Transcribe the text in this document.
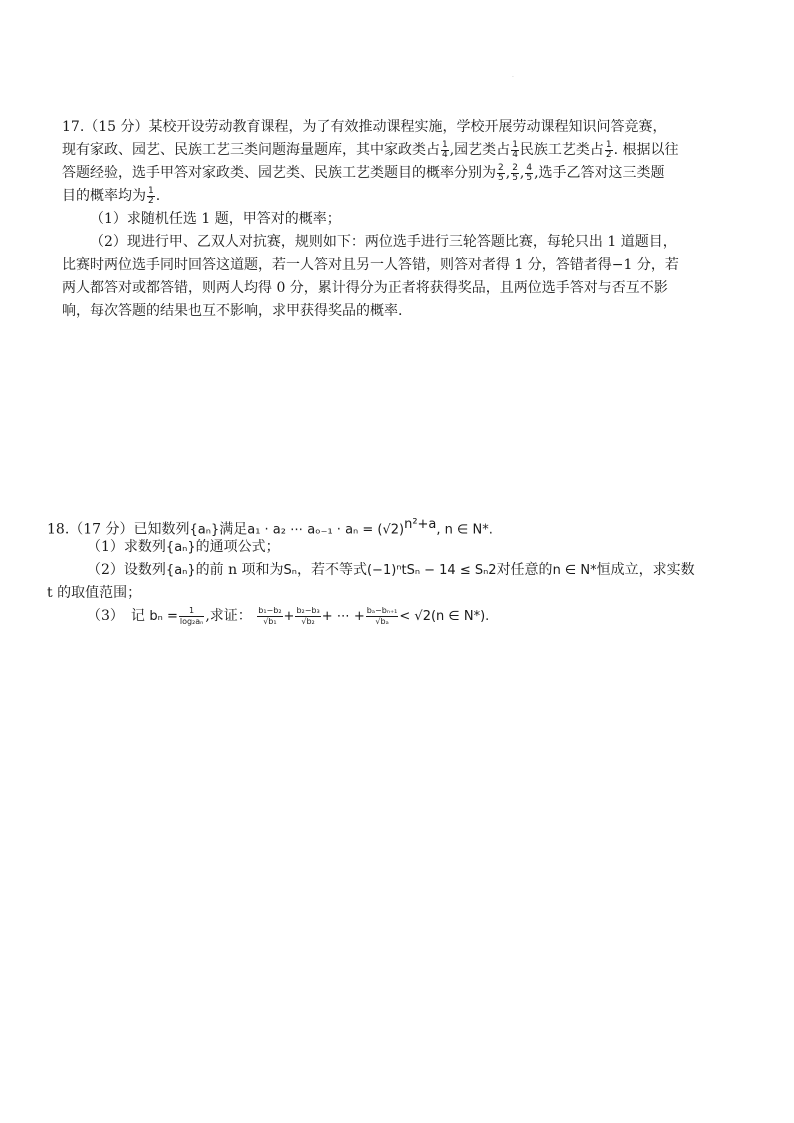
·
17.（15 分）某校开设劳动教育课程，为了有效推动课程实施，学校开展劳动课程知识问答竞赛，
现有家政、园艺、民族工艺三类问题海量题库，其中家政类占 $\frac{1}{4}$ ,园艺类占 $\frac{1}{4}$ 民族工艺类占 $\frac{1}{2}$ . 根据以往
答题经验，选手甲答对家政类、园艺类、民族工艺类题目的概率分别为 $\frac{2}{5}$ , $\frac{2}{5}$ , $\frac{4}{5}$ ,选手乙答对这三类题
目的概率均为 $\frac{1}{2}$ .
（1）求随机任选 1 题，甲答对的概率；
（2）现进行甲、乙双人对抗赛，规则如下：两位选手进行三轮答题比赛，每轮只出 1 道题目，
比赛时两位选手同时回答这道题，若一人答对且另一人答错，则答对者得 1 分，答错者得−1 分，若
两人都答对或都答错，则两人均得 0 分，累计得分为正者将获得奖品，且两位选手答对与否互不影
响，每次答题的结果也互不影响，求甲获得奖品的概率.
18.（17 分）已知数列{aₙ}满足a₁ · a₂ ⋯ $a_{o-1} \cdot a_n = (√2)^{n^2+a}$, n ∈ N*.
（1）求数列{aₙ}的通项公式；
（2）设数列{aₙ}的前 n 项和为Sₙ，若不等式(−1)ⁿtSₙ − 14 ≤ Sₙ2对任意的n ∈ N*恒成立，求实数
t 的取值范围；
（3）　记 $b_n = \frac{1}{\text{log₂aₙ}}$ ,求证： $\frac{\text{b₁−b₂}}{\text{√b₁}} + \frac{\text{b₂−b₃}}{\text{√b₂}}$ + ⋯ + $\frac{\text{bₐ−bₙ₊₁}}{\text{√bₐ}} < √2(n$ ∈ N*).
